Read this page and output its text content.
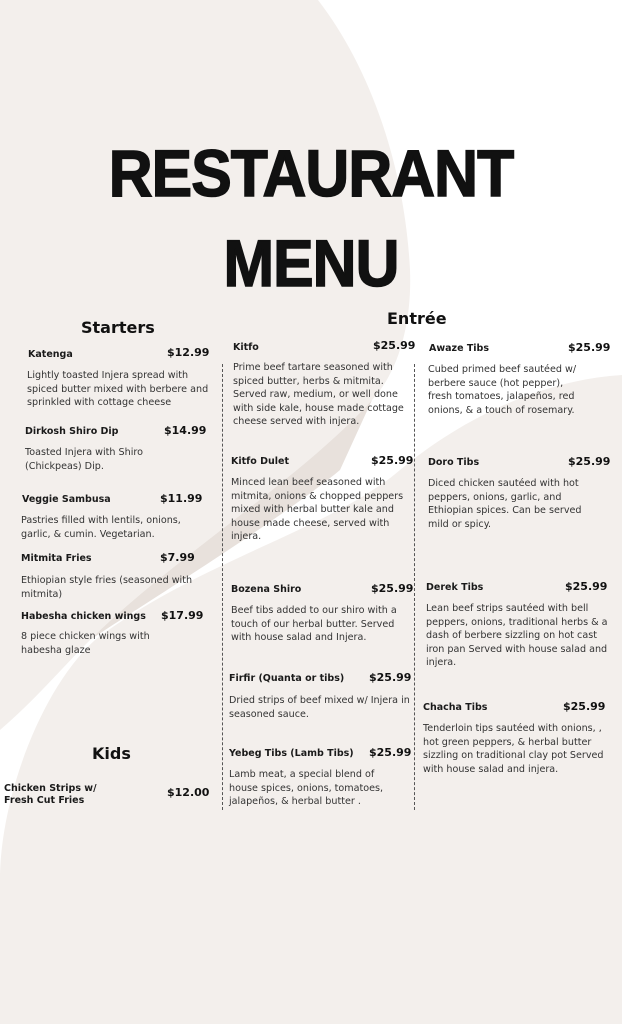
RESTAURANT MENU
Starters
Katenga	$12.99
Lightly toasted Injera spread with spiced butter mixed with berbere and sprinkled with cottage cheese
Dirkosh Shiro Dip	$14.99
Toasted Injera with Shiro (Chickpeas) Dip.
Veggie Sambusa	$11.99
Pastries filled with lentils, onions, garlic, & cumin. Vegetarian.
Mitmita Fries	$7.99
Ethiopian style fries (seasoned with mitmita)
Habesha chicken wings $17.99
8 piece chicken wings with habesha glaze
Kids
Chicken Strips w/ Fresh Cut Fries
$12.00
Entrée
Kitfo	$25.99
Prime beef tartare seasoned with spiced butter, herbs & mitmita. Served raw, medium, or well done with side kale, house made cottage cheese served with injera.
Kitfo Dulet	$25.99
Minced lean beef seasoned with mitmita, onions & chopped peppers mixed with herbal butter kale and house made cheese, served with injera.
Bozena Shiro	$25.99
Beef tibs added to our shiro with a touch of our herbal butter. Served with house salad and Injera.
Firfir (Quanta or tibs) $25.99
Dried strips of beef mixed w/ Injera in seasoned sauce.
Yebeg Tibs (Lamb Tibs) $25.99
Lamb meat, a special blend of house spices, onions, tomatoes, jalapeños, & herbal butter .
Awaze Tibs	$25.99
Cubed primed beef sautéed w/ berbere sauce (hot pepper), fresh tomatoes, jalapeños, red onions, & a touch of rosemary.
Doro Tibs	$25.99
Diced chicken sautéed with hot peppers, onions, garlic, and Ethiopian spices. Can be served mild or spicy.
Derek Tibs	$25.99
Lean beef strips sautéed with bell peppers, onions, traditional herbs & a dash of berbere sizzling on hot cast iron pan Served with house salad and injera.
Chacha Tibs	$25.99
Tenderloin tips sautéed with onions, , hot green peppers, & herbal butter sizzling on traditional clay pot Served with house salad and injera.
